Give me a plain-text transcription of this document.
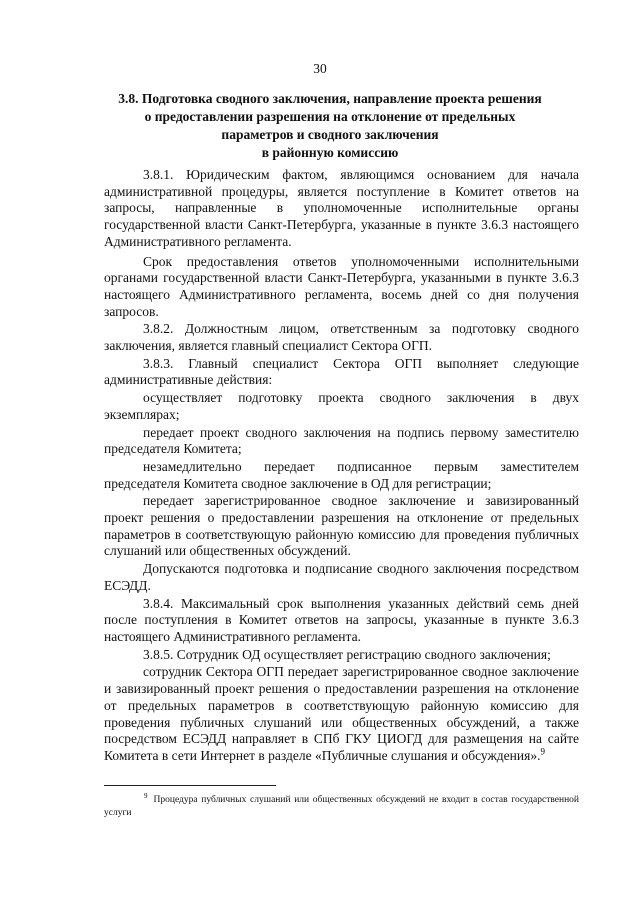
30
3.8. Подготовка сводного заключения, направление проекта решения
о предоставлении разрешения на отклонение от предельных
параметров и сводного заключения
в районную комиссию

3.8.1. Юридическим фактом, являющимся основанием для начала административной процедуры, является поступление в Комитет ответов на запросы, направленные в уполномоченные исполнительные органы государственной власти Санкт-Петербурга, указанные в пункте 3.6.3 настоящего Административного регламента.

Срок предоставления ответов уполномоченными исполнительными органами государственной власти Санкт-Петербурга, указанными в пункте 3.6.3 настоящего Административного регламента, восемь дней со дня получения запросов.

3.8.2. Должностным лицом, ответственным за подготовку сводного заключения, является главный специалист Сектора ОГП.

3.8.3. Главный специалист Сектора ОГП выполняет следующие административные действия:

осуществляет подготовку проекта сводного заключения в двух экземплярах;

передает проект сводного заключения на подпись первому заместителю председателя Комитета;

незамедлительно передает подписанное первым заместителем председателя Комитета сводное заключение в ОД для регистрации;

передает зарегистрированное сводное заключение и завизированный проект решения о предоставлении разрешения на отклонение от предельных параметров в соответствующую районную комиссию для проведения публичных слушаний или общественных обсуждений.

Допускаются подготовка и подписание сводного заключения посредством ЕСЭДД.

3.8.4. Максимальный срок выполнения указанных действий семь дней после поступления в Комитет ответов на запросы, указанные в пункте 3.6.3 настоящего Административного регламента.

3.8.5. Сотрудник ОД осуществляет регистрацию сводного заключения;

сотрудник Сектора ОГП передает зарегистрированное сводное заключение и завизированный проект решения о предоставлении разрешения на отклонение от предельных параметров в соответствующую районную комиссию для проведения публичных слушаний или общественных обсуждений, а также посредством ЕСЭДД направляет в СПб ГКУ ЦИОГД для размещения на сайте Комитета в сети Интернет в разделе «Публичные слушания и обсуждения».$^9$

$^9$ Процедура публичных слушаний или общественных обсуждений не входит в состав государственной услуги
